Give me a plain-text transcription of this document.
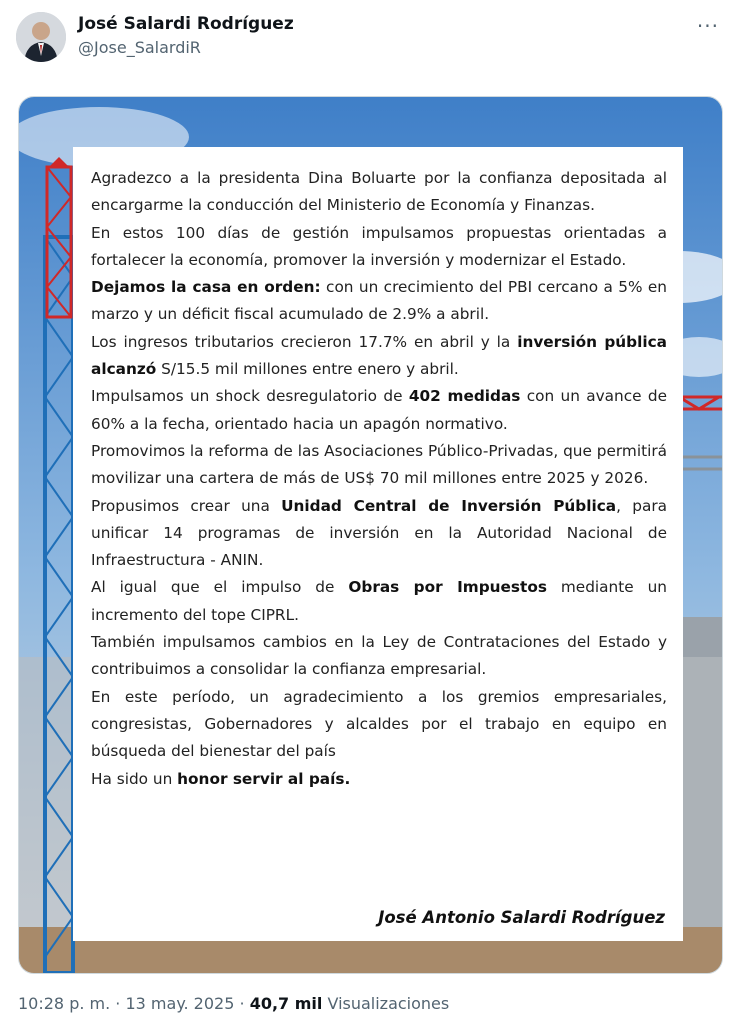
José Salardi Rodríguez
@Jose_SalardiR
···

Agradezco a la presidenta Dina Boluarte por la confianza depositada al encargarme la conducción del Ministerio de Economía y Finanzas.

En estos 100 días de gestión impulsamos propuestas orientadas a fortalecer la economía, promover la inversión y modernizar el Estado.

Dejamos la casa en orden: con un crecimiento del PBI cercano a 5% en marzo y un déficit fiscal acumulado de 2.9% a abril.

Los ingresos tributarios crecieron 17.7% en abril y la inversión pública alcanzó S/15.5 mil millones entre enero y abril.

Impulsamos un shock desregulatorio de 402 medidas con un avance de 60% a la fecha, orientado hacia un apagón normativo.

Promovimos la reforma de las Asociaciones Público-Privadas, que permitirá movilizar una cartera de más de US$ 70 mil millones entre 2025 y 2026.

Propusimos crear una Unidad Central de Inversión Pública, para unificar 14 programas de inversión en la Autoridad Nacional de Infraestructura - ANIN.

Al igual que el impulso de Obras por Impuestos mediante un incremento del tope CIPRL.

También impulsamos cambios en la Ley de Contrataciones del Estado y contribuimos a consolidar la confianza empresarial.

En este período, un agradecimiento a los gremios empresariales, congresistas, Gobernadores y alcaldes por el trabajo en equipo en búsqueda del bienestar del país

Ha sido un honor servir al país.

José Antonio Salardi Rodríguez
10:28 p. m. · 13 may. 2025 · 40,7 mil Visualizaciones
